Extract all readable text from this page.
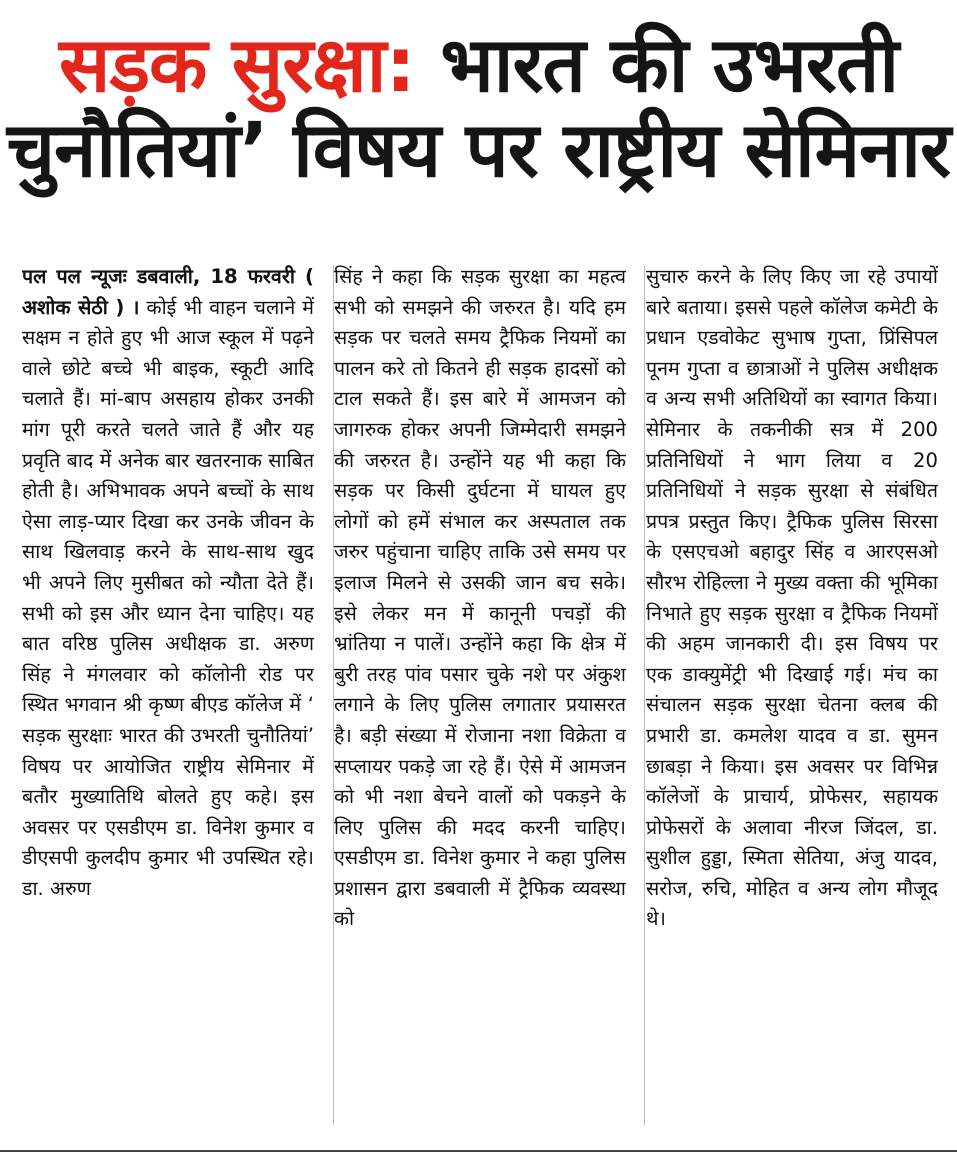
सड़क सुरक्षा: भारत की उभरती
चुनौतियां’ विषय पर राष्ट्रीय सेमिनार

पल पल न्यूजः डबवाली, 18 फरवरी ( अशोक सेठी ) । कोई भी वाहन चलाने में सक्षम न होते हुए भी आज स्कूल में पढ़ने वाले छोटे बच्चे भी बाइक, स्कूटी आदि चलाते हैं। मां-बाप असहाय होकर उनकी मांग पूरी करते चलते जाते हैं और यह प्रवृति बाद में अनेक बार खतरनाक साबित होती है। अभिभावक अपने बच्चों के साथ ऐसा लाड़-प्यार दिखा कर उनके जीवन के साथ खिलवाड़ करने के साथ-साथ खुद भी अपने लिए मुसीबत को न्यौता देते हैं। सभी को इस और ध्यान देना चाहिए। यह बात वरिष्ठ पुलिस अधीक्षक डा. अरुण सिंह ने मंगलवार को कॉलोनी रोड पर स्थित भगवान श्री कृष्ण बीएड कॉलेज में ‘ सड़क सुरक्षाः भारत की उभरती चुनौतियां’ विषय पर आयोजित राष्ट्रीय सेमिनार में बतौर मुख्यातिथि बोलते हुए कहे। इस अवसर पर एसडीएम डा. विनेश कुमार व डीएसपी कुलदीप कुमार भी उपस्थित रहे। डा. अरुण

सिंह ने कहा कि सड़क सुरक्षा का महत्व सभी को समझने की जरुरत है। यदि हम सड़क पर चलते समय ट्रैफिक नियमों का पालन करे तो कितने ही सड़क हादसों को टाल सकते हैं। इस बारे में आमजन को जागरुक होकर अपनी जिम्मेदारी समझने की जरुरत है। उन्होंने यह भी कहा कि सड़क पर किसी दुर्घटना में घायल हुए लोगों को हमें संभाल कर अस्पताल तक जरुर पहुंचाना चाहिए ताकि उसे समय पर इलाज मिलने से उसकी जान बच सके। इसे लेकर मन में कानूनी पचड़ों की भ्रांतिया न पालें। उन्होंने कहा कि क्षेत्र में बुरी तरह पांव पसार चुके नशे पर अंकुश लगाने के लिए पुलिस लगातार प्रयासरत है। बड़ी संख्या में रोजाना नशा विक्रेता व सप्लायर पकड़े जा रहे हैं। ऐसे में आमजन को भी नशा बेचने वालों को पकड़ने के लिए पुलिस की मदद करनी चाहिए। एसडीएम डा. विनेश कुमार ने कहा पुलिस प्रशासन द्वारा डबवाली में ट्रैफिक व्यवस्था को

सुचारु करने के लिए किए जा रहे उपायों बारे बताया। इससे पहले कॉलेज कमेटी के प्रधान एडवोकेट सुभाष गुप्ता, प्रिंसिपल पूनम गुप्ता व छात्राओं ने पुलिस अधीक्षक व अन्य सभी अतिथियों का स्वागत किया। सेमिनार के तकनीकी सत्र में 200 प्रतिनिधियों ने भाग लिया व 20 प्रतिनिधियों ने सड़क सुरक्षा से संबंधित प्रपत्र प्रस्तुत किए। ट्रैफिक पुलिस सिरसा के एसएचओ बहादुर सिंह व आरएसओ सौरभ रोहिल्ला ने मुख्य वक्ता की भूमिका निभाते हुए सड़क सुरक्षा व ट्रैफिक नियमों की अहम जानकारी दी। इस विषय पर एक डाक्युमेंट्री भी दिखाई गई। मंच का संचालन सड़क सुरक्षा चेतना क्लब की प्रभारी डा. कमलेश यादव व डा. सुमन छाबड़ा ने किया। इस अवसर पर विभिन्न कॉलेजों के प्राचार्य, प्रोफेसर, सहायक प्रोफेसरों के अलावा नीरज जिंदल, डा. सुशील हुड्डा, स्मिता सेतिया, अंजु यादव, सरोज, रुचि, मोहित व अन्य लोग मौजूद थे।
